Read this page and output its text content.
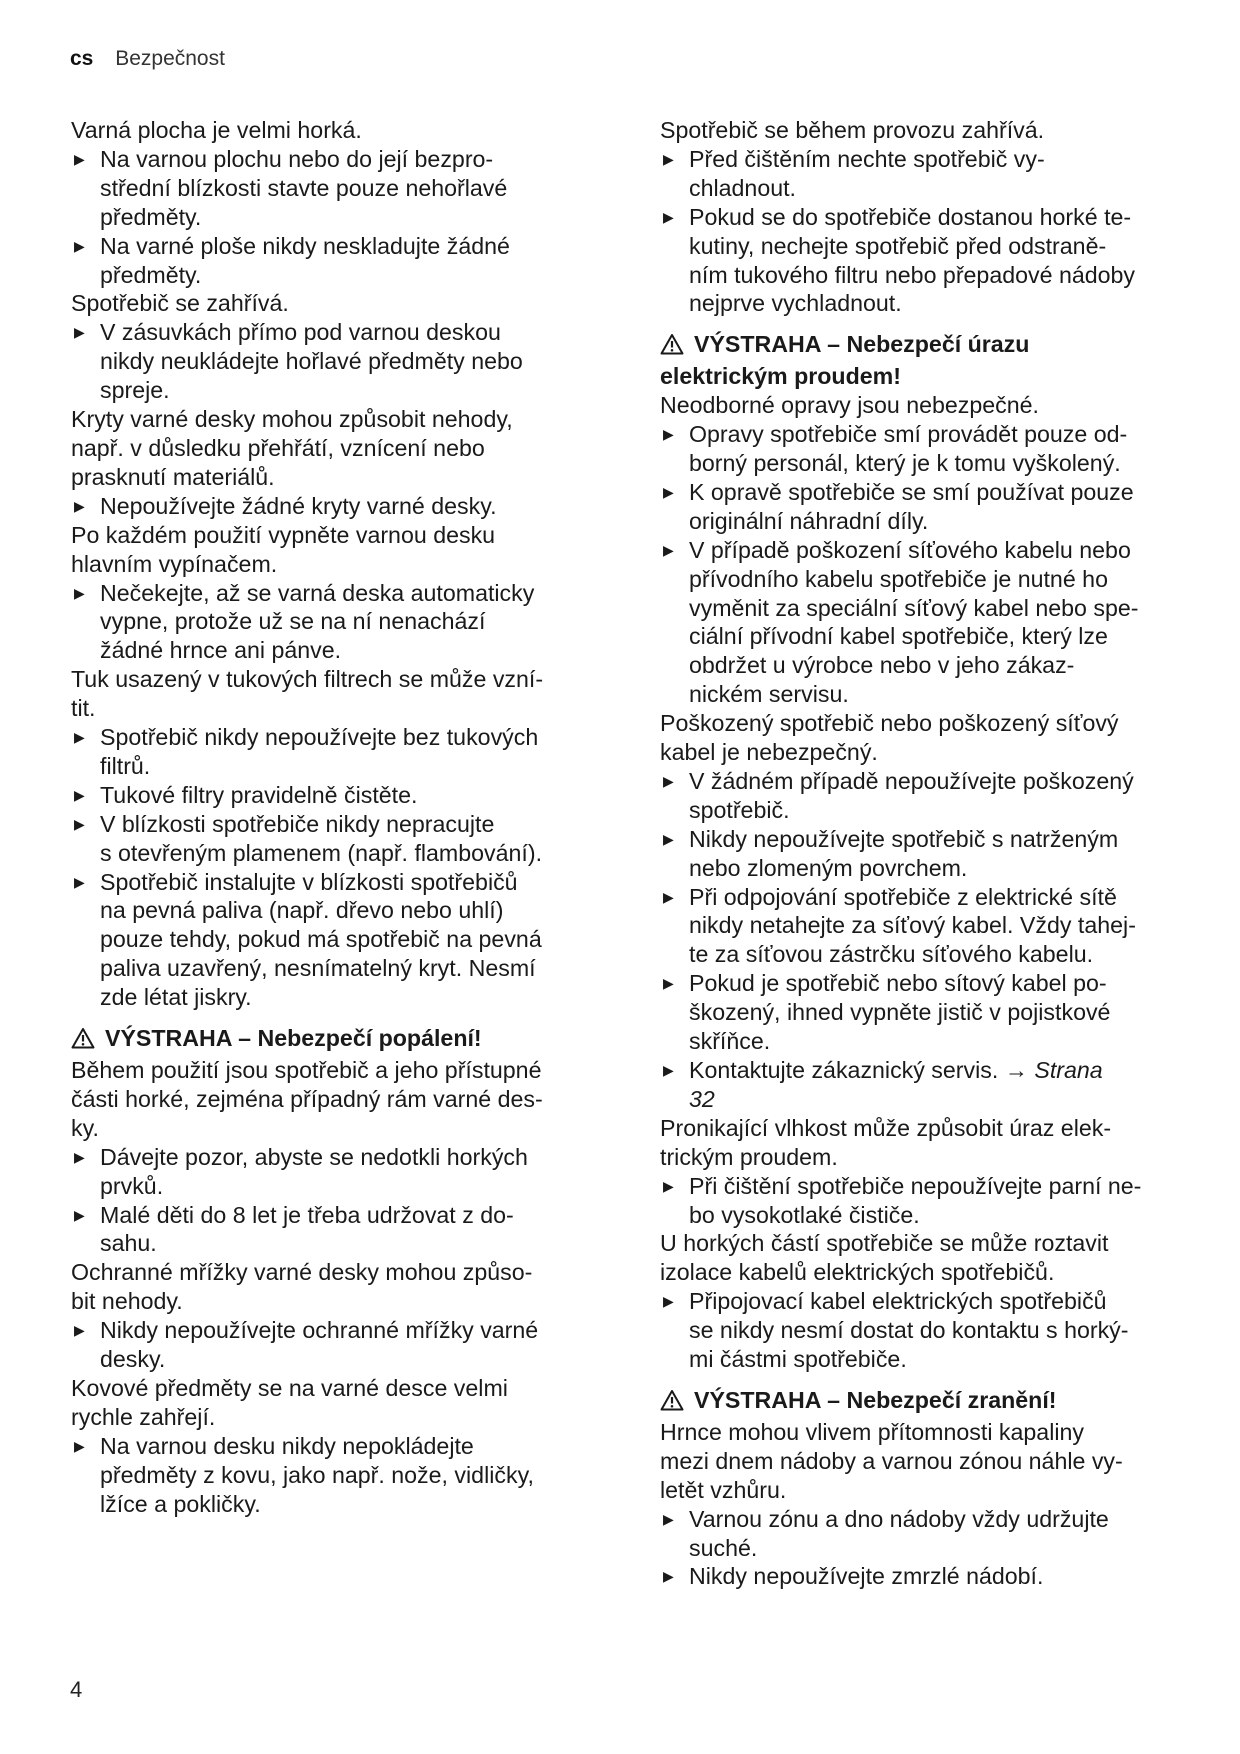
cs Bezpečnost
Varná plocha je velmi horká.
▶ Na varnou plochu nebo do její bezpro-
střední blízkosti stavte pouze nehořlavé
předměty.
▶ Na varné ploše nikdy neskladujte žádné
předměty.
Spotřebič se zahřívá.
▶ V zásuvkách přímo pod varnou deskou
nikdy neukládejte hořlavé předměty nebo
spreje.
Kryty varné desky mohou způsobit nehody,
např. v důsledku přehřátí, vznícení nebo
prasknutí materiálů.
▶ Nepoužívejte žádné kryty varné desky.
Po každém použití vypněte varnou desku
hlavním vypínačem.
▶ Nečekejte, až se varná deska automaticky
vypne, protože už se na ní nenachází
žádné hrnce ani pánve.
Tuk usazený v tukových filtrech se může vzní-
tit.
▶ Spotřebič nikdy nepoužívejte bez tukových
filtrů.
▶ Tukové filtry pravidelně čistěte.
▶ V blízkosti spotřebiče nikdy nepracujte
s otevřeným plamenem (např. flambování).
▶ Spotřebič instalujte v blízkosti spotřebičů
na pevná paliva (např. dřevo nebo uhlí)
pouze tehdy, pokud má spotřebič na pevná
paliva uzavřený, nesnímatelný kryt. Nesmí
zde létat jiskry.
VÝSTRAHA – Nebezpečí popálení!
Během použití jsou spotřebič a jeho přístupné
části horké, zejména případný rám varné des-
ky.
▶ Dávejte pozor, abyste se nedotkli horkých
prvků.
▶ Malé děti do 8 let je třeba udržovat z do-
sahu.
Ochranné mřížky varné desky mohou způso-
bit nehody.
▶ Nikdy nepoužívejte ochranné mřížky varné
desky.
Kovové předměty se na varné desce velmi
rychle zahřejí.
▶ Na varnou desku nikdy nepokládejte
předměty z kovu, jako např. nože, vidličky,
lžíce a pokličky.
Spotřebič se během provozu zahřívá.
▶ Před čištěním nechte spotřebič vy-
chladnout.
▶ Pokud se do spotřebiče dostanou horké te-
kutiny, nechejte spotřebič před odstraně-
ním tukového filtru nebo přepadové nádoby
nejprve vychladnout.
VÝSTRAHA – Nebezpečí úrazu
elektrickým proudem!
Neodborné opravy jsou nebezpečné.
▶ Opravy spotřebiče smí provádět pouze od-
borný personál, který je k tomu vyškolený.
▶ K opravě spotřebiče se smí používat pouze
originální náhradní díly.
▶ V případě poškození síťového kabelu nebo
přívodního kabelu spotřebiče je nutné ho
vyměnit za speciální síťový kabel nebo spe-
ciální přívodní kabel spotřebiče, který lze
obdržet u výrobce nebo v jeho zákaz-
nickém servisu.
Poškozený spotřebič nebo poškozený síťový
kabel je nebezpečný.
▶ V žádném případě nepoužívejte poškozený
spotřebič.
▶ Nikdy nepoužívejte spotřebič s natrženým
nebo zlomeným povrchem.
▶ Při odpojování spotřebiče z elektrické sítě
nikdy netahejte za síťový kabel. Vždy tahej-
te za síťovou zástrčku síťového kabelu.
▶ Pokud je spotřebič nebo sítový kabel po-
škozený, ihned vypněte jistič v pojistkové
skříňce.
▶ Kontaktujte zákaznický servis. → Strana
32
Pronikající vlhkost může způsobit úraz elek-
trickým proudem.
▶ Při čištění spotřebiče nepoužívejte parní ne-
bo vysokotlaké čističe.
U horkých částí spotřebiče se může roztavit
izolace kabelů elektrických spotřebičů.
▶ Připojovací kabel elektrických spotřebičů
se nikdy nesmí dostat do kontaktu s horký-
mi částmi spotřebiče.
VÝSTRAHA – Nebezpečí zranění!
Hrnce mohou vlivem přítomnosti kapaliny
mezi dnem nádoby a varnou zónou náhle vy-
letět vzhůru.
▶ Varnou zónu a dno nádoby vždy udržujte
suché.
▶ Nikdy nepoužívejte zmrzlé nádobí.
4
